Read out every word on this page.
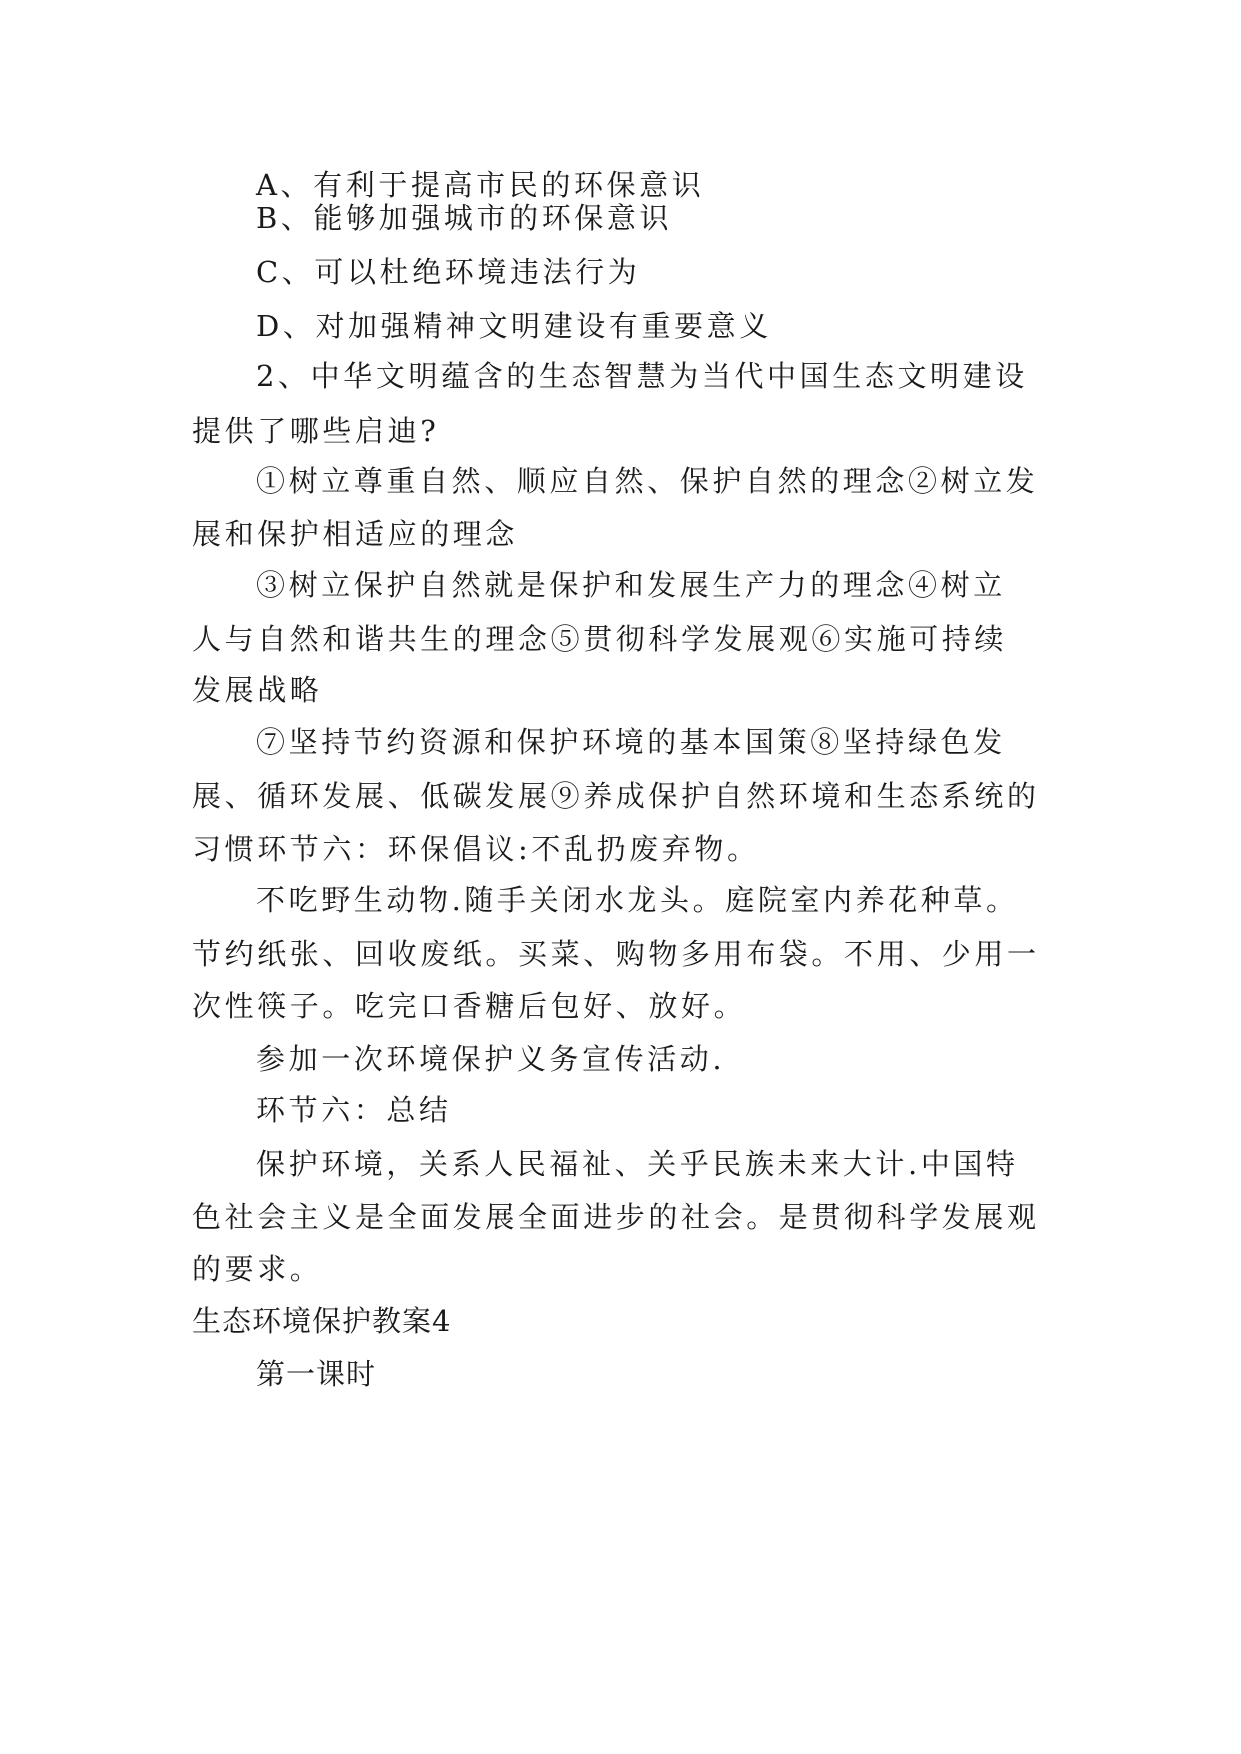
A、有利于提高市民的环保意识
B、能够加强城市的环保意识
C、可以杜绝环境违法行为
D、对加强精神文明建设有重要意义
2、中华文明蕴含的生态智慧为当代中国生态文明建设
提供了哪些启迪?
①树立尊重自然、顺应自然、保护自然的理念②树立发
展和保护相适应的理念
③树立保护自然就是保护和发展生产力的理念④树立
人与自然和谐共生的理念⑤贯彻科学发展观⑥实施可持续
发展战略
⑦坚持节约资源和保护环境的基本国策⑧坚持绿色发
展、循环发展、低碳发展⑨养成保护自然环境和生态系统的
习惯环节六：环保倡议:不乱扔废弃物。
不吃野生动物.随手关闭水龙头。庭院室内养花种草。
节约纸张、回收废纸。买菜、购物多用布袋。不用、少用一
次性筷子。吃完口香糖后包好、放好。
参加一次环境保护义务宣传活动.
环节六：总结
保护环境，关系人民福祉、关乎民族未来大计.中国特
色社会主义是全面发展全面进步的社会。是贯彻科学发展观
的要求。
生态环境保护教案4
第一课时
